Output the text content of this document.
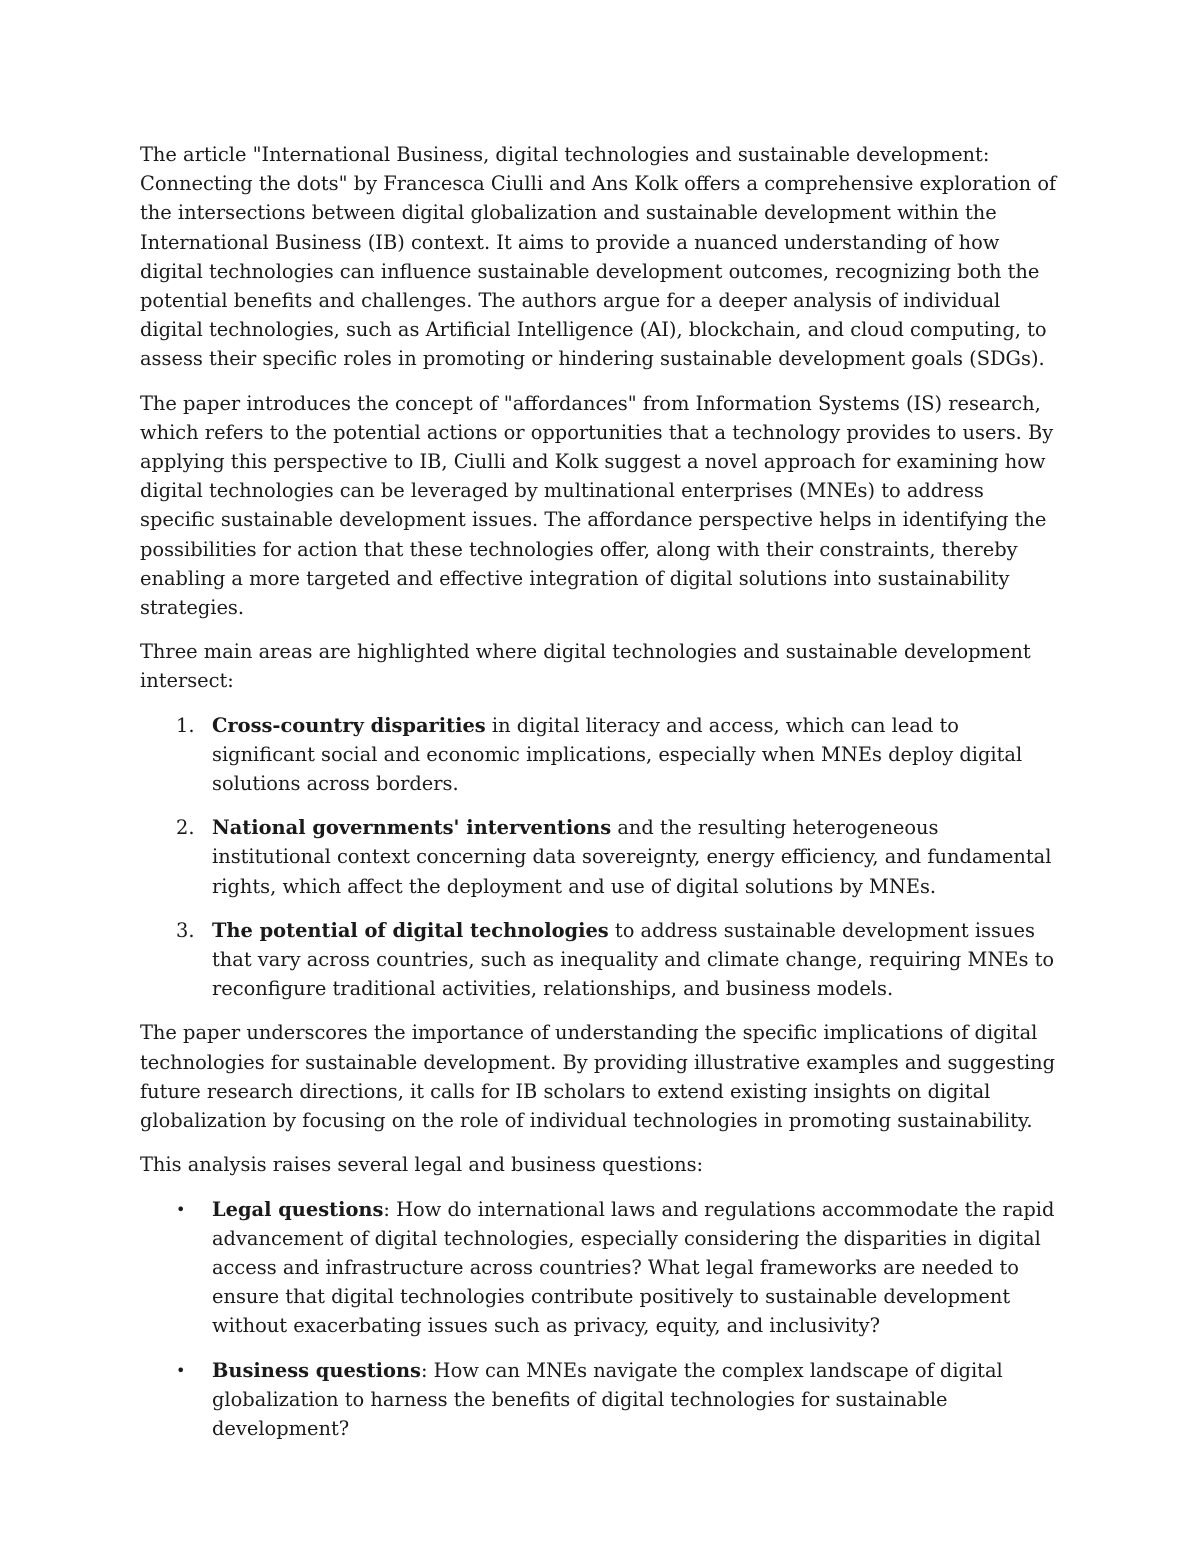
The article "International Business, digital technologies and sustainable development: Connecting the dots" by Francesca Ciulli and Ans Kolk offers a comprehensive exploration of the intersections between digital globalization and sustainable development within the International Business (IB) context. It aims to provide a nuanced understanding of how digital technologies can influence sustainable development outcomes, recognizing both the potential benefits and challenges. The authors argue for a deeper analysis of individual digital technologies, such as Artificial Intelligence (AI), blockchain, and cloud computing, to assess their specific roles in promoting or hindering sustainable development goals (SDGs).

The paper introduces the concept of "affordances" from Information Systems (IS) research, which refers to the potential actions or opportunities that a technology provides to users. By applying this perspective to IB, Ciulli and Kolk suggest a novel approach for examining how digital technologies can be leveraged by multinational enterprises (MNEs) to address specific sustainable development issues. The affordance perspective helps in identifying the possibilities for action that these technologies offer, along with their constraints, thereby enabling a more targeted and effective integration of digital solutions into sustainability strategies.

Three main areas are highlighted where digital technologies and sustainable development intersect:

1. Cross-country disparities in digital literacy and access, which can lead to significant social and economic implications, especially when MNEs deploy digital solutions across borders.
2. National governments' interventions and the resulting heterogeneous institutional context concerning data sovereignty, energy efficiency, and fundamental rights, which affect the deployment and use of digital solutions by MNEs.
3. The potential of digital technologies to address sustainable development issues that vary across countries, such as inequality and climate change, requiring MNEs to reconfigure traditional activities, relationships, and business models.

The paper underscores the importance of understanding the specific implications of digital technologies for sustainable development. By providing illustrative examples and suggesting future research directions, it calls for IB scholars to extend existing insights on digital globalization by focusing on the role of individual technologies in promoting sustainability.

This analysis raises several legal and business questions:

• Legal questions: How do international laws and regulations accommodate the rapid advancement of digital technologies, especially considering the disparities in digital access and infrastructure across countries? What legal frameworks are needed to ensure that digital technologies contribute positively to sustainable development without exacerbating issues such as privacy, equity, and inclusivity?
• Business questions: How can MNEs navigate the complex landscape of digital globalization to harness the benefits of digital technologies for sustainable development?
